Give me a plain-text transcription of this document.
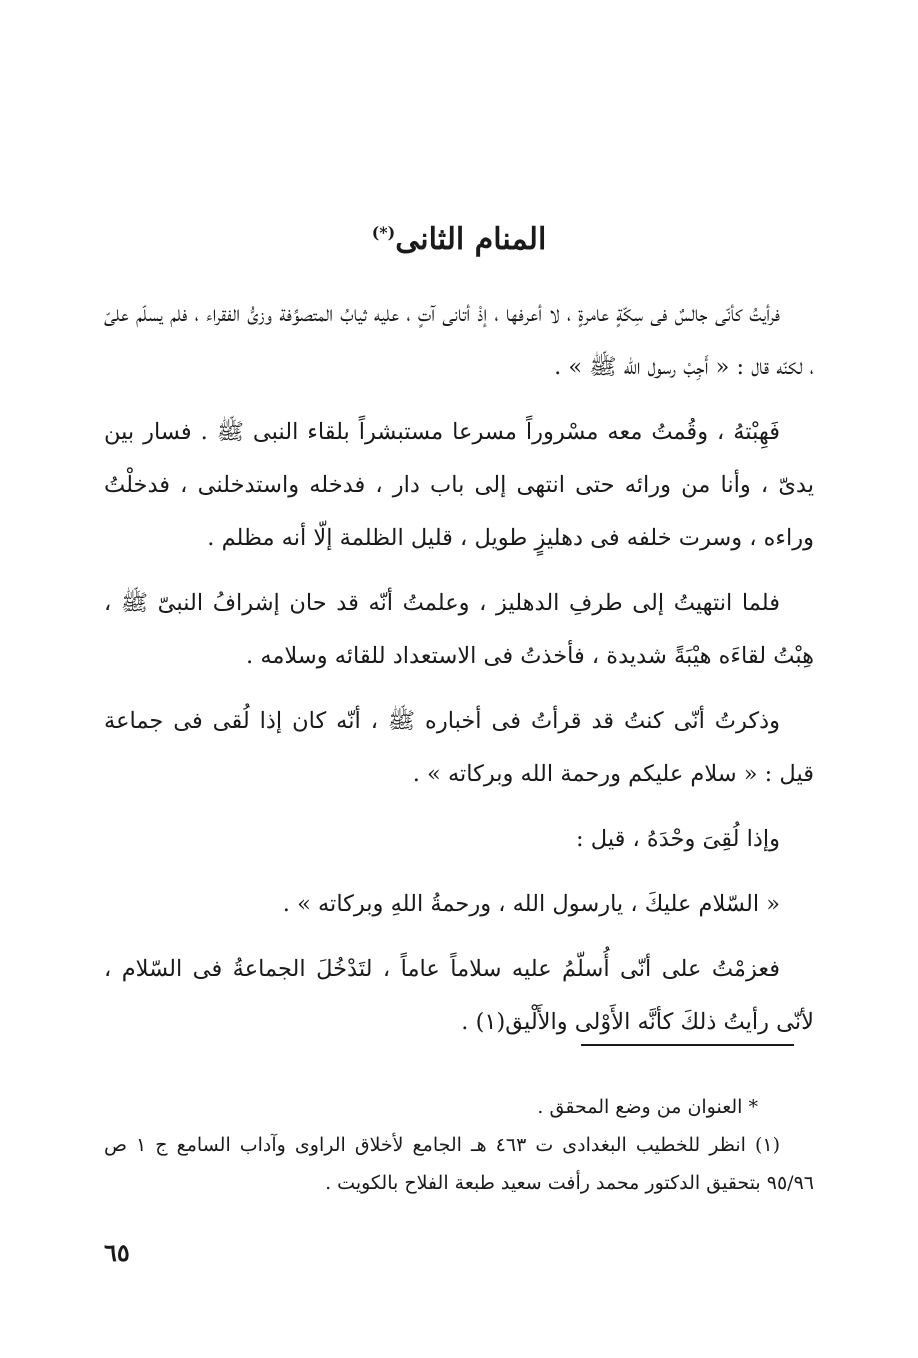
المنام الثانى(*)

فرأيتُ كأنّى جالسٌ فى سِكّةٍ عامرةٍ ، لا أعرفها ، إذْ أتانى آتٍ ، عليه ثيابُ المتصوِّفة وزىُّ الفقراء ، فلم يسلّم علىّ ، لكنّه قال : « أَجِبْ رسول الله ﷺ » .

فَهِبْتهُ ، وقُمتُ معه مسْروراً مسرعا مستبشراً بلقاء النبى ﷺ . فسار بين يدىّ ، وأنا من ورائه حتى انتهى إلى باب دار ، فدخله واستدخلنى ، فدخلْتُ وراءه ، وسرت خلفه فى دهليزٍ طويل ، قليل الظلمة إلّا أنه مظلم .

فلما انتهيتُ إلى طرفِ الدهليز ، وعلمتُ أنّه قد حان إشرافُ النبىّ ﷺ ، هِبْتُ لقاءَه هيْبَةً شديدة ، فأخذتُ فى الاستعداد للقائه وسلامه .

وذكرتُ أنّى كنتُ قد قرأتُ فى أخباره ﷺ ، أنّه كان إذا لُقى فى جماعة قيل : « سلام عليكم ورحمة الله وبركاته » .

وإذا لُقِىَ وحْدَهُ ، قيل :

« السّلام عليكَ ، يارسول الله ، ورحمةُ اللهِ وبركاته » .

فعزمْتُ على أنّى أُسلّمُ عليه سلاماً عاماً ، لتَدْخُلَ الجماعةُ فى السّلام ، لأنّى رأيتُ ذلكَ كأنَّه الأَوْلى والأَلْيق(١) .

* العنوان من وضع المحقق .

(١) انظر للخطيب البغدادى ت ٤٦٣ هـ الجامع لأخلاق الراوى وآداب السامع ج ١ ص ٩٥/٩٦ بتحقيق الدكتور محمد رأفت سعيد طبعة الفلاح بالكويت .

٦٥
